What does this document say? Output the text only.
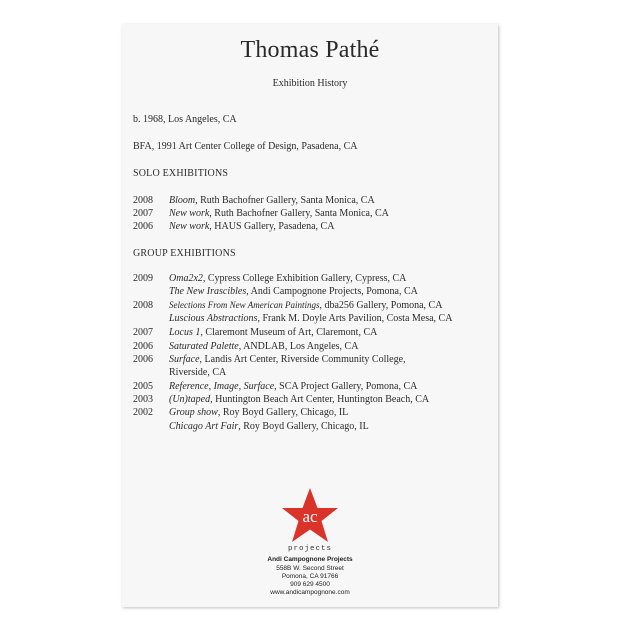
Thomas Pathé
Exhibition History
b. 1968, Los Angeles, CA
BFA, 1991 Art Center College of Design, Pasadena, CA
SOLO EXHIBITIONS
2008 Bloom, Ruth Bachofner Gallery, Santa Monica, CA
2007 New work, Ruth Bachofner Gallery, Santa Monica, CA
2006 New work, HAUS Gallery, Pasadena, CA
GROUP EXHIBITIONS
2009 Oma2x2, Cypress College Exhibition Gallery, Cypress, CA
The New Irascibles, Andi Campognone Projects, Pomona, CA
2008 Selections From New American Paintings, dba256 Gallery, Pomona, CA
Luscious Abstractions, Frank M. Doyle Arts Pavilion, Costa Mesa, CA
2007 Locus 1, Claremont Museum of Art, Claremont, CA
2006 Saturated Palette, ANDLAB, Los Angeles, CA
2006 Surface, Landis Art Center, Riverside Community College,
Riverside, CA
2005 Reference, Image, Surface, SCA Project Gallery, Pomona, CA
2003 (Un)taped, Huntington Beach Art Center, Huntington Beach, CA
2002 Group show, Roy Boyd Gallery, Chicago, IL
Chicago Art Fair, Roy Boyd Gallery, Chicago, IL
ac
projects
Andi Campognone Projects
558B W. Second Street
Pomona, CA 91766
909 629 4500
www.andicampognone.com
